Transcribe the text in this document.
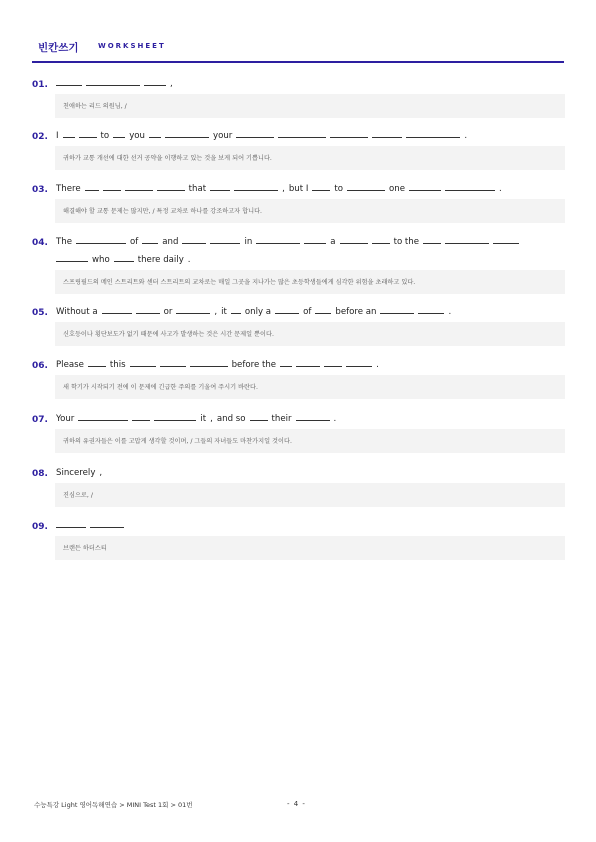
빈칸쓰기	WORKSHEET
01.	,
친애하는 리드 의원님, /
02. I	to you	your	.
귀하가 교통 개선에 대한 선거 공약을 이행하고 있는 것을 보게 되어 기쁩니다.
03. There	that	, but I	to	one	.
해결해야 할 교통 문제는 많지만, / 특정 교차로 하나를 강조하고자 합니다.
04. The	of	and	in	a	to the
who	there daily .
스프링필드의 메인 스트리트와 센터 스트리트의 교차로는 매일 그곳을 지나가는 많은 초등학생들에게 심각한 위험을 초래하고 있다.
05. Without a	or	, it only a	of	before an	.
신호등이나 횡단보도가 없기 때문에 사고가 발생하는 것은 시간 문제일 뿐이다.
06. Please	this	before the	.
새 학기가 시작되기 전에 이 문제에 긴급한 주의를 기울여 주시기 바란다.
07. Your	it , and so	their	.
귀하의 유권자들은 이를 고맙게 생각할 것이며, / 그들의 자녀들도 마찬가지일 것이다.
08. Sincerely ,
진심으로, /
09.
브랜든 하더스티
수능특강 Light 영어독해연습 > MINI Test 1회 > 01번	- 4 -
